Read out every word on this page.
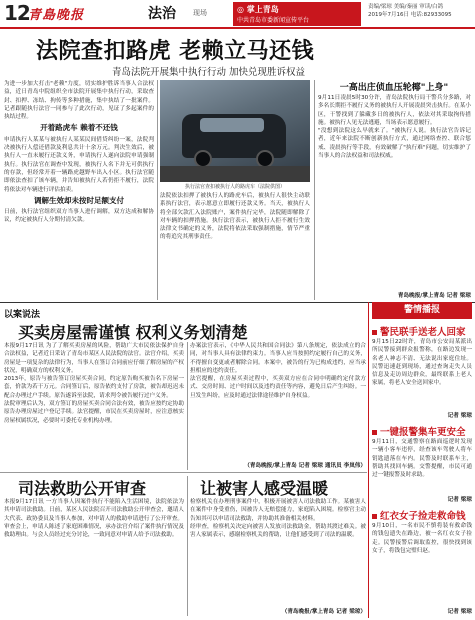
12
青島晚报	法治 现场	◎ 掌上青岛
中共青岛市委新闻宣传平台
责编/梁琼 美编/秦丽 审读/白鸽
2019年7月16日 电话:82933095
法院查扣路虎 老赖立马还钱
青岛法院开展集中执行行动 加快兑现胜诉权益

为进一步加大打击"老赖"力度，切实维护胜诉当事人合法权益，近日青岛中院组织全市法院开展集中执行行动，采取查封、扣押、冻结、拘传等多种措施，集中执结了一批案件。记者跟随执行法官一同参与了此次行动，见证了多起案件的执结过程。

开着路虎车 赖着不还钱

申请执行人某某与被执行人某某民间借贷纠纷一案，法院判决被执行人偿还借款及利息共计十余万元。判决生效后，被执行人一直未履行还款义务，申请执行人遂向法院申请强制执行。执行法官在调查中发现，被执行人名下并无可供执行的存款，但经常开着一辆路虎越野车出入小区。执行法官随即依法查扣了该车辆，并告知被执行人若仍拒不履行，法院将依法对车辆进行评估拍卖。

调解生效却未按时足额支付

日前，执行法官组织双方当事人进行调解，双方达成和解协议，约定被执行人分期付清欠款。

执行法官查扣被执行人的路虎车（法院供图）

法院依法扣押了被执行人的路虎车后，被执行人很快主动联系执行法官，表示愿意立即履行还款义务。当天，被执行人将全部欠款汇入法院账户，案件执行完毕，法院随即解除了对车辆的扣押措施。执行法官表示，被执行人拒不履行生效法律文书确定的义务，法院将依法采取强制措施，情节严重的将追究其刑事责任。

一高出庄侦血压轮椰"上身"

9月11日凌晨5时30分许，青岛法院执行局干警兵分多路，对多名长期拒不履行义务的被执行人开展凌晨突击执行。在某小区，干警找到了躲藏多日的被执行人，依法对其采取拘传措施。被执行人见无法逃避，当场表示愿意履行。

"没想到法院这么早就来了。"被执行人说。执行法官告诉记者，近年来法院不断创新执行方式，通过网络查控、联合惩戒、凌晨执行等手段，有效破解了"执行难"问题，切实维护了当事人的合法权益和司法权威。

青岛晚报/掌上青岛 记者 梁琼
以案说法
买卖房屋需谨慎 权利义务划清楚

本报9月17日讯 为了了解买卖房屋的风险，帮助广大市民依法保护自身合法权益，记者近日采访了青岛市某区人民法院的法官。法官介绍，买卖房屋是一项复杂的法律行为，当事人在签订合同前应仔细了解房屋的产权状况，明确双方的权利义务。

2013年，原告与被告签订房屋买卖合同，约定原告购买被告名下房屋一套，价款为若干万元。合同签订后，原告依约支付了房款，被告却迟迟未配合办理过户手续。原告遂诉至法院，请求判令被告履行过户义务。

法院审理后认为，双方签订的房屋买卖合同合法有效，被告应按约定协助原告办理房屋过户登记手续。法官提醒，市民在买卖房屋时，应注意核实房屋权属状况，必要时可委托专业机构办理。

办案法官表示，《中华人民共和国合同法》第八条规定，依法成立的合同，对当事人具有法律约束力。当事人应当按照约定履行自己的义务，不得擅自变更或者解除合同。本案中，被告的行为已构成违约，应当承担相应的违约责任。

法官提醒，在房屋买卖过程中，买卖双方应在合同中明确约定付款方式、交房时间、过户时间以及违约责任等内容，避免日后产生纠纷。一旦发生纠纷，应及时通过法律途径维护自身权益。

（青岛晚报/掌上青岛 记者 梁琼 通讯员 李岚伟）
司法救助公开审查

本报9月17日讯 一方当事人因案件执行不能陷入生活困境，法院依法为其申请司法救助。日前，某区人民法院召开司法救助公开审查会，邀请人大代表、政协委员及当事人参加，对申请人的救助申请进行了公开审查。

审查会上，申请人陈述了家庭困难情况，承办法官介绍了案件执行情况及救助理由。与会人员经过充分讨论，一致同意对申请人给予司法救助。

让被害人感受温暖

检察机关在办理刑事案件中，积极开展被害人司法救助工作。某被害人在案件中身受重伤，因被告人无赔偿能力，家庭陷入困境。检察官主动告知其可以申请司法救助，并协助其准备相关材料。

经审查，检察机关决定向被害人发放司法救助金，帮助其渡过难关。被害人家属表示，感谢检察机关的帮助，让他们感受到了司法的温暖。

（青岛晚报/掌上青岛 记者 梁琼）
警情播报
警民联手送老人回家

9月15日22时许，青岛市公安局某派出所民警接到群众报警称，在路边发现一名老人神志不清、无法说出家庭住址。民警迅速赶到现场，通过查询走失人员信息及走访周边群众，最终联系上老人家属，将老人安全送回家中。

记者 梁琼
一键报警集车更安全

9月11日，交通警察在路面巡逻时发现一辆小客车违停，经查该车驾驶人将车钥匙遗落在车内。民警及时联系车主，帮助其找回车辆。交警提醒，市民可通过一键报警及时求助。

记者 梁琼
红衣女子捡走救命钱

9月10日，一名市民不慎将装有救命钱的钱包遗失在路边，被一名红衣女子捡走。民警接警后调取监控，很快找到该女子，将钱包完璧归赵。

记者 梁琼
